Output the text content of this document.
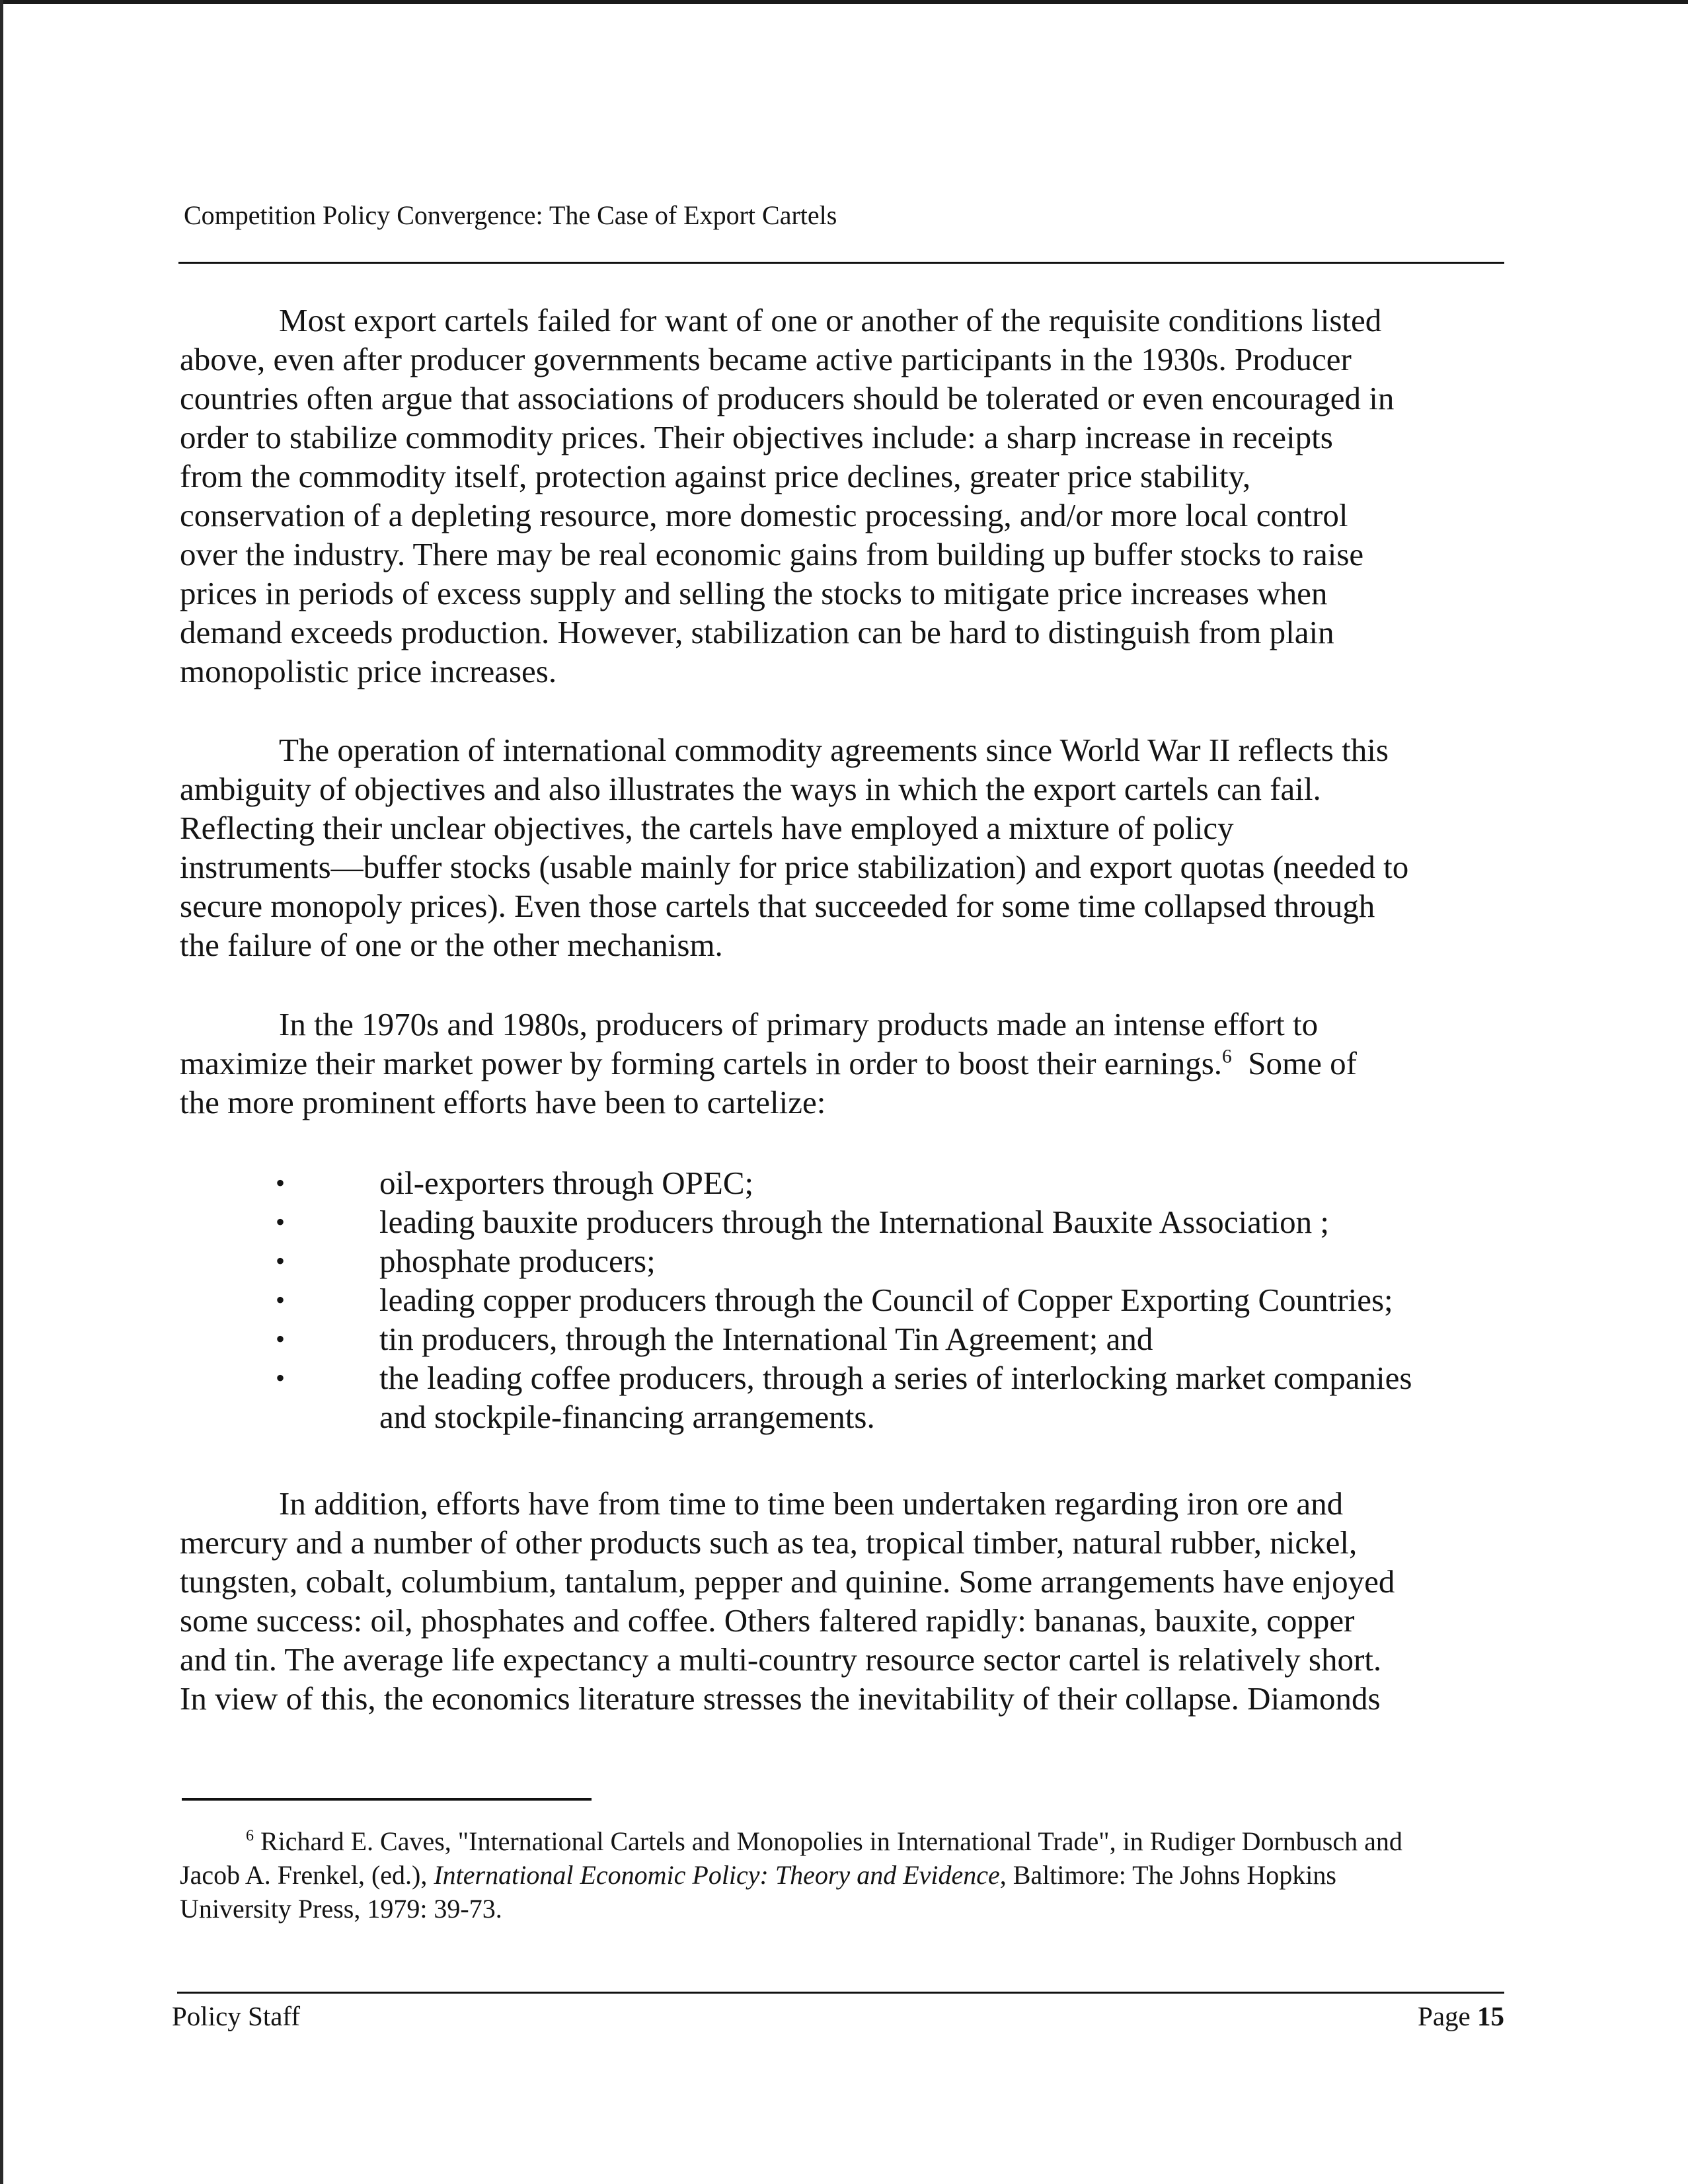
Competition Policy Convergence: The Case of Export Cartels

Most export cartels failed for want of one or another of the requisite conditions listed
above, even after producer governments became active participants in the 1930s. Producer
countries often argue that associations of producers should be tolerated or even encouraged in
order to stabilize commodity prices. Their objectives include: a sharp increase in receipts
from the commodity itself, protection against price declines, greater price stability,
conservation of a depleting resource, more domestic processing, and/or more local control
over the industry. There may be real economic gains from building up buffer stocks to raise
prices in periods of excess supply and selling the stocks to mitigate price increases when
demand exceeds production. However, stabilization can be hard to distinguish from plain
monopolistic price increases.

The operation of international commodity agreements since World War II reflects this
ambiguity of objectives and also illustrates the ways in which the export cartels can fail.
Reflecting their unclear objectives, the cartels have employed a mixture of policy
instruments—buffer stocks (usable mainly for price stabilization) and export quotas (needed to
secure monopoly prices). Even those cartels that succeeded for some time collapsed through
the failure of one or the other mechanism.

In the 1970s and 1980s, producers of primary products made an intense effort to
maximize their market power by forming cartels in order to boost their earnings.$^6$  Some of
the more prominent efforts have been to cartelize:

•	oil-exporters through OPEC;
•	leading bauxite producers through the International Bauxite Association ;
•	phosphate producers;
•	leading copper producers through the Council of Copper Exporting Countries;
•	tin producers, through the International Tin Agreement; and
•	the leading coffee producers, through a series of interlocking market companies
and stockpile-financing arrangements.

In addition, efforts have from time to time been undertaken regarding iron ore and
mercury and a number of other products such as tea, tropical timber, natural rubber, nickel,
tungsten, cobalt, columbium, tantalum, pepper and quinine. Some arrangements have enjoyed
some success: oil, phosphates and coffee. Others faltered rapidly: bananas, bauxite, copper
and tin. The average life expectancy a multi-country resource sector cartel is relatively short.
In view of this, the economics literature stresses the inevitability of their collapse. Diamonds

$^6$ Richard E. Caves, "International Cartels and Monopolies in International Trade", in Rudiger Dornbusch and
Jacob A. Frenkel, (ed.), International Economic Policy: Theory and Evidence, Baltimore: The Johns Hopkins
University Press, 1979: 39-73.
Policy Staff	Page 15
